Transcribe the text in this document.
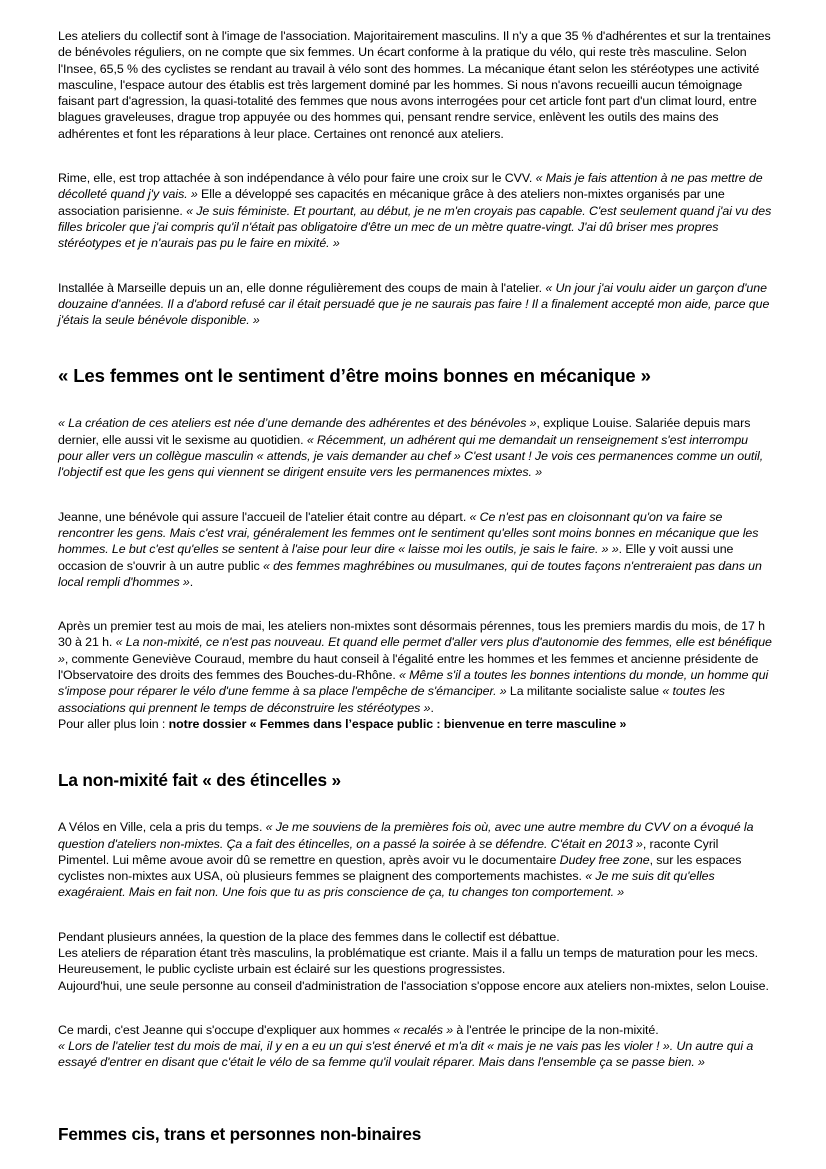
Les ateliers du collectif sont à l'image de l'association. Majoritairement masculins. Il n'y a que 35 % d'adhérentes et sur la trentaines de bénévoles réguliers, on ne compte que six femmes. Un écart conforme à la pratique du vélo, qui reste très masculine. Selon l'Insee, 65,5 % des cyclistes se rendant au travail à vélo sont des hommes. La mécanique étant selon les stéréotypes une activité masculine, l'espace autour des établis est très largement dominé par les hommes. Si nous n'avons recueilli aucun témoignage faisant part d'agression, la quasi-totalité des femmes que nous avons interrogées pour cet article font part d'un climat lourd, entre blagues graveleuses, drague trop appuyée ou des hommes qui, pensant rendre service, enlèvent les outils des mains des adhérentes et font les réparations à leur place. Certaines ont renoncé aux ateliers.

Rime, elle, est trop attachée à son indépendance à vélo pour faire une croix sur le CVV. « Mais je fais attention à ne pas mettre de décolleté quand j'y vais. » Elle a développé ses capacités en mécanique grâce à des ateliers non-mixtes organisés par une association parisienne. « Je suis féministe. Et pourtant, au début, je ne m'en croyais pas capable. C'est seulement quand j'ai vu des filles bricoler que j'ai compris qu'il n'était pas obligatoire d'être un mec de un mètre quatre-vingt. J'ai dû briser mes propres stéréotypes et je n'aurais pas pu le faire en mixité. »

Installée à Marseille depuis un an, elle donne régulièrement des coups de main à l'atelier. « Un jour j'ai voulu aider un garçon d'une douzaine d'années. Il a d'abord refusé car il était persuadé que je ne saurais pas faire ! Il a finalement accepté mon aide, parce que j'étais la seule bénévole disponible. »

« Les femmes ont le sentiment d’être moins bonnes en mécanique »

« La création de ces ateliers est née d’une demande des adhérentes et des bénévoles », explique Louise. Salariée depuis mars dernier, elle aussi vit le sexisme au quotidien. « Récemment, un adhérent qui me demandait un renseignement s'est interrompu pour aller vers un collègue masculin « attends, je vais demander au chef » C'est usant ! Je vois ces permanences comme un outil, l'objectif est que les gens qui viennent se dirigent ensuite vers les permanences mixtes. »

Jeanne, une bénévole qui assure l'accueil de l'atelier était contre au départ. « Ce n'est pas en cloisonnant qu'on va faire se rencontrer les gens. Mais c'est vrai, généralement les femmes ont le sentiment qu'elles sont moins bonnes en mécanique que les hommes. Le but c'est qu'elles se sentent à l'aise pour leur dire « laisse moi les outils, je sais le faire. » ». Elle y voit aussi une occasion de s'ouvrir à un autre public « des femmes maghrébines ou musulmanes, qui de toutes façons n'entreraient pas dans un local rempli d'hommes ».

Après un premier test au mois de mai, les ateliers non-mixtes sont désormais pérennes, tous les premiers mardis du mois, de 17 h 30 à 21 h. « La non-mixité, ce n'est pas nouveau. Et quand elle permet d'aller vers plus d'autonomie des femmes, elle est bénéfique », commente Geneviève Couraud, membre du haut conseil à l'égalité entre les hommes et les femmes et ancienne présidente de l'Observatoire des droits des femmes des Bouches-du-Rhône. « Même s'il a toutes les bonnes intentions du monde, un homme qui s'impose pour réparer le vélo d'une femme à sa place l'empêche de s'émanciper. » La militante socialiste salue « toutes les associations qui prennent le temps de déconstruire les stéréotypes ».

Pour aller plus loin : notre dossier « Femmes dans l’espace public : bienvenue en terre masculine »

La non-mixité fait « des étincelles »

A Vélos en Ville, cela a pris du temps. « Je me souviens de la premières fois où, avec une autre membre du CVV on a évoqué la question d'ateliers non-mixtes. Ça a fait des étincelles, on a passé la soirée à se défendre. C'était en 2013 », raconte Cyril Pimentel. Lui même avoue avoir dû se remettre en question, après avoir vu le documentaire Dudey free zone, sur les espaces cyclistes non-mixtes aux USA, où plusieurs femmes se plaignent des comportements machistes. « Je me suis dit qu'elles exagéraient. Mais en fait non. Une fois que tu as pris conscience de ça, tu changes ton comportement. »

Pendant plusieurs années, la question de la place des femmes dans le collectif est débattue.
Les ateliers de réparation étant très masculins, la problématique est criante. Mais il a fallu un temps de maturation pour les mecs. Heureusement, le public cycliste urbain est éclairé sur les questions progressistes.
Aujourd'hui, une seule personne au conseil d'administration de l'association s'oppose encore aux ateliers non-mixtes, selon Louise.

Ce mardi, c'est Jeanne qui s'occupe d'expliquer aux hommes « recalés » à l'entrée le principe de la non-mixité.
« Lors de l'atelier test du mois de mai, il y en a eu un qui s'est énervé et m'a dit « mais je ne vais pas les violer ! ». Un autre qui a essayé d'entrer en disant que c'était le vélo de sa femme qu'il voulait réparer. Mais dans l'ensemble ça se passe bien. »

Femmes cis, trans et personnes non-binaires
